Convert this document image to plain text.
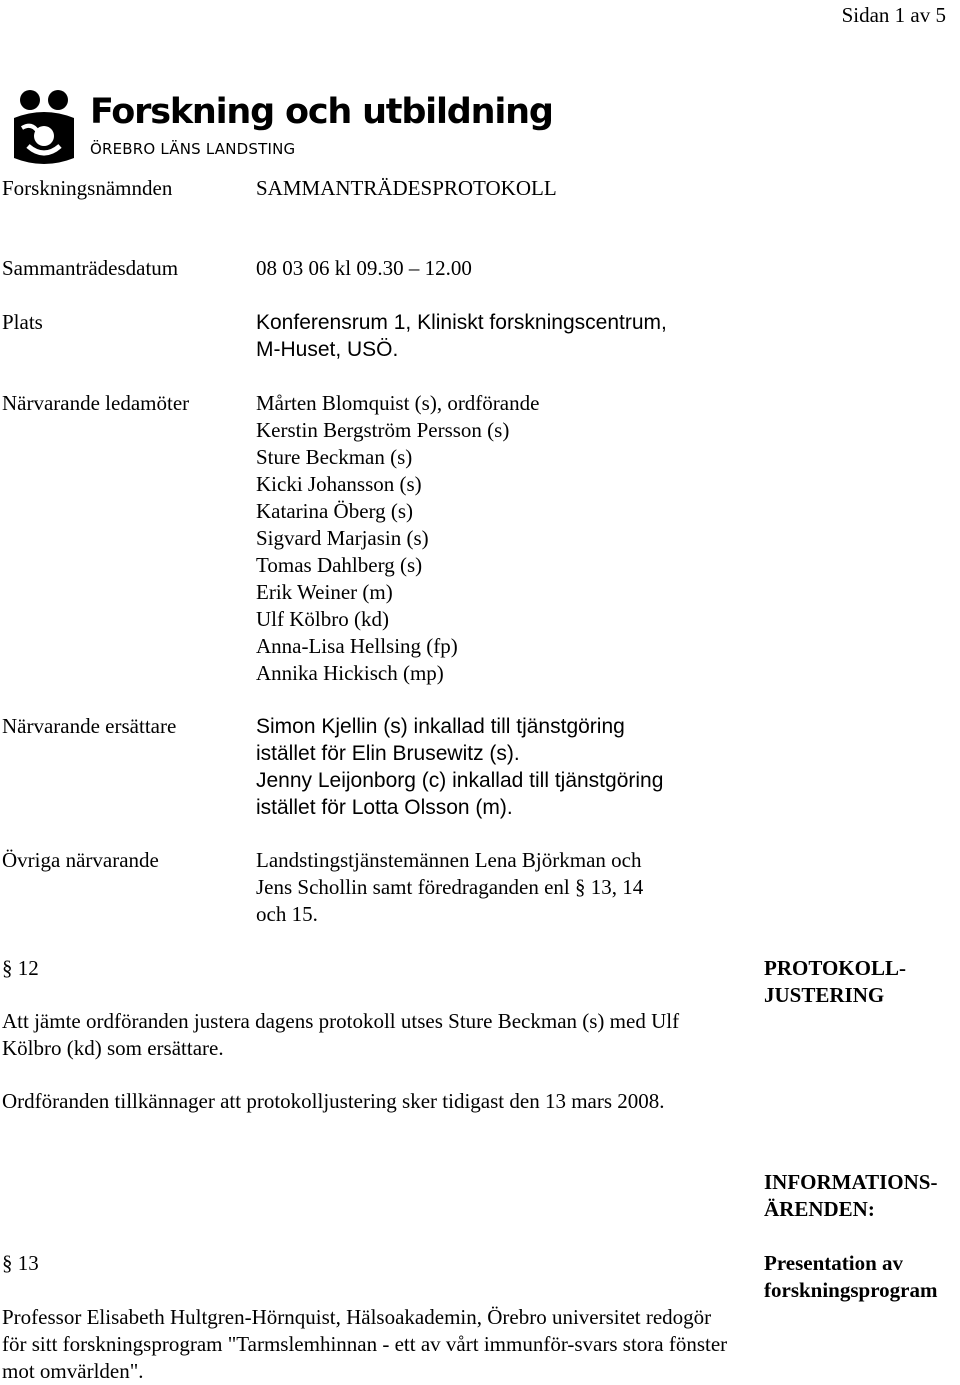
Sidan 1 av 5
Forskning och utbildning
ÖREBRO LÄNS LANDSTING
Forskningsnämnden	SAMMANTRÄDESPROTOKOLL
Sammanträdesdatum	08 03 06 kl 09.30 – 12.00
Plats	Konferensrum 1, Kliniskt forskningscentrum,
M-Huset, USÖ.
Närvarande ledamöter	Mårten Blomquist (s), ordförande
Kerstin Bergström Persson (s)
Sture Beckman (s)
Kicki Johansson (s)
Katarina Öberg (s)
Sigvard Marjasin (s)
Tomas Dahlberg (s)
Erik Weiner (m)
Ulf Kölbro (kd)
Anna-Lisa Hellsing (fp)
Annika Hickisch (mp)
Närvarande ersättare	Simon Kjellin (s) inkallad till tjänstgöring
istället för Elin Brusewitz (s).
Jenny Leijonborg (c) inkallad till tjänstgöring
istället för Lotta Olsson (m).
Övriga närvarande	Landstingstjänstemännen Lena Björkman och
Jens Schollin samt föredraganden enl § 13, 14
och 15.
§ 12	PROTOKOLL-
JUSTERING
Att jämte ordföranden justera dagens protokoll utses Sture Beckman (s) med Ulf Kölbro (kd) som ersättare.
Ordföranden tillkännager att protokolljustering sker tidigast den 13 mars 2008.
INFORMATIONS-
ÄRENDEN:
§ 13	Presentation av
forskningsprogram
Professor Elisabeth Hultgren-Hörnquist, Hälsoakademin, Örebro universitet redogör för sitt forskningsprogram "Tarmslemhinnan - ett av vårt immunför-svars stora fönster mot omvärlden".
